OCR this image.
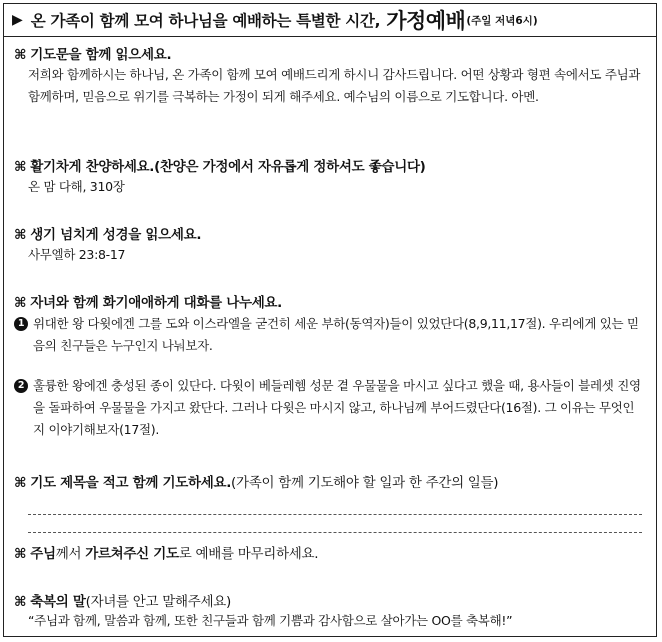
▶ 온 가족이 함께 모여 하나님을 예배하는 특별한 시간, 가정예배 (주일 저녁6시)
⌘ 기도문을 함께 읽으세요.
저희와 함께하시는 하나님, 온 가족이 함께 모여 예배드리게 하시니 감사드립니다. 어떤 상황과 형편 속에서도 주님과 함께하며, 믿음으로 위기를 극복하는 가정이 되게 해주세요. 예수님의 이름으로 기도합니다. 아멘.
⌘ 활기차게 찬양하세요.(찬양은 가정에서 자유롭게 정하셔도 좋습니다)
온 맘 다해, 310장
⌘ 생기 넘치게 성경을 읽으세요.
사무엘하 23:8-17
⌘ 자녀와 함께 화기애애하게 대화를 나누세요.
1 위대한 왕 다윗에겐 그를 도와 이스라엘을 굳건히 세운 부하(동역자)들이 있었단다(8,9,11,17절). 우리에게 있는 믿음의 친구들은 누구인지 나눠보자.
2 훌륭한 왕에겐 충성된 종이 있단다. 다윗이 베들레헴 성문 곁 우물물을 마시고 싶다고 했을 때, 용사들이 블레셋 진영을 돌파하여 우물물을 가지고 왔단다. 그러나 다윗은 마시지 않고, 하나님께 부어드렸단다(16절). 그 이유는 무엇인지 이야기해보자(17절).
⌘ 기도 제목을 적고 함께 기도하세요.(가족이 함께 기도해야 할 일과 한 주간의 일들)
⌘ 주님께서 가르쳐주신 기도로 예배를 마무리하세요.
⌘ 축복의 말(자녀를 안고 말해주세요)
“주님과 함께, 말씀과 함께, 또한 친구들과 함께 기쁨과 감사함으로 살아가는 OO를 축복해!”
